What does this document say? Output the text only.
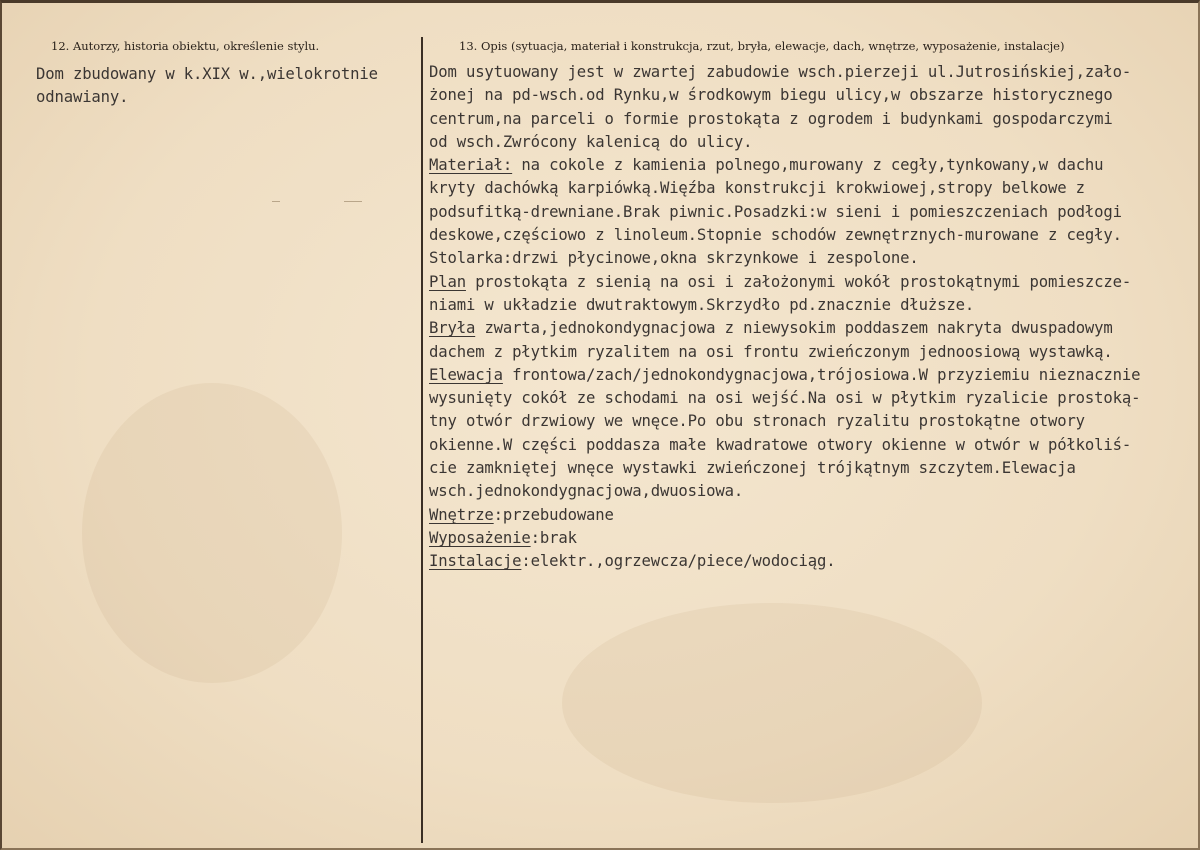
12. Autorzy, historia obiektu, określenie stylu.	13. Opis (sytuacja, materiał i konstrukcja, rzut, bryła, elewacje, dach, wnętrze, wyposażenie, instalacje)
Dom zbudowany w k.XIX w.,wielokrotnie
odnawiany.
Dom usytuowany jest w zwartej zabudowie wsch.pierzeji ul.Jutrosińskiej,zało-
żonej na pd-wsch.od Rynku,w środkowym biegu ulicy,w obszarze historycznego
centrum,na parceli o formie prostokąta z ogrodem i budynkami gospodarczymi
od wsch.Zwrócony kalenicą do ulicy.
Materiał: na cokole z kamienia polnego,murowany z cegły,tynkowany,w dachu
kryty dachówką karpiówką.Więźba konstrukcji krokwiowej,stropy belkowe z
podsufitką-drewniane.Brak piwnic.Posadzki:w sieni i pomieszczeniach podłogi
deskowe,częściowo z linoleum.Stopnie schodów zewnętrznych-murowane z cegły.
Stolarka:drzwi płycinowe,okna skrzynkowe i zespolone.
Plan prostokąta z sienią na osi i założonymi wokół prostokątnymi pomieszcze-
niami w układzie dwutraktowym.Skrzydło pd.znacznie dłuższe.
Bryła zwarta,jednokondygnacjowa z niewysokim poddaszem nakryta dwuspadowym
dachem z płytkim ryzalitem na osi frontu zwieńczonym jednoosiową wystawką.
Elewacja frontowa/zach/jednokondygnacjowa,trójosiowa.W przyziemiu nieznacznie
wysunięty cokół ze schodami na osi wejść.Na osi w płytkim ryzalicie prostoką-
tny otwór drzwiowy we wnęce.Po obu stronach ryzalitu prostokątne otwory
okienne.W części poddasza małe kwadratowe otwory okienne w otwór w półkoliś-
cie zamkniętej wnęce wystawki zwieńczonej trójkątnym szczytem.Elewacja
wsch.jednokondygnacjowa,dwuosiowa.
Wnętrze:przebudowane
Wyposażenie:brak
Instalacje:elektr.,ogrzewcza/piece/wodociąg.
